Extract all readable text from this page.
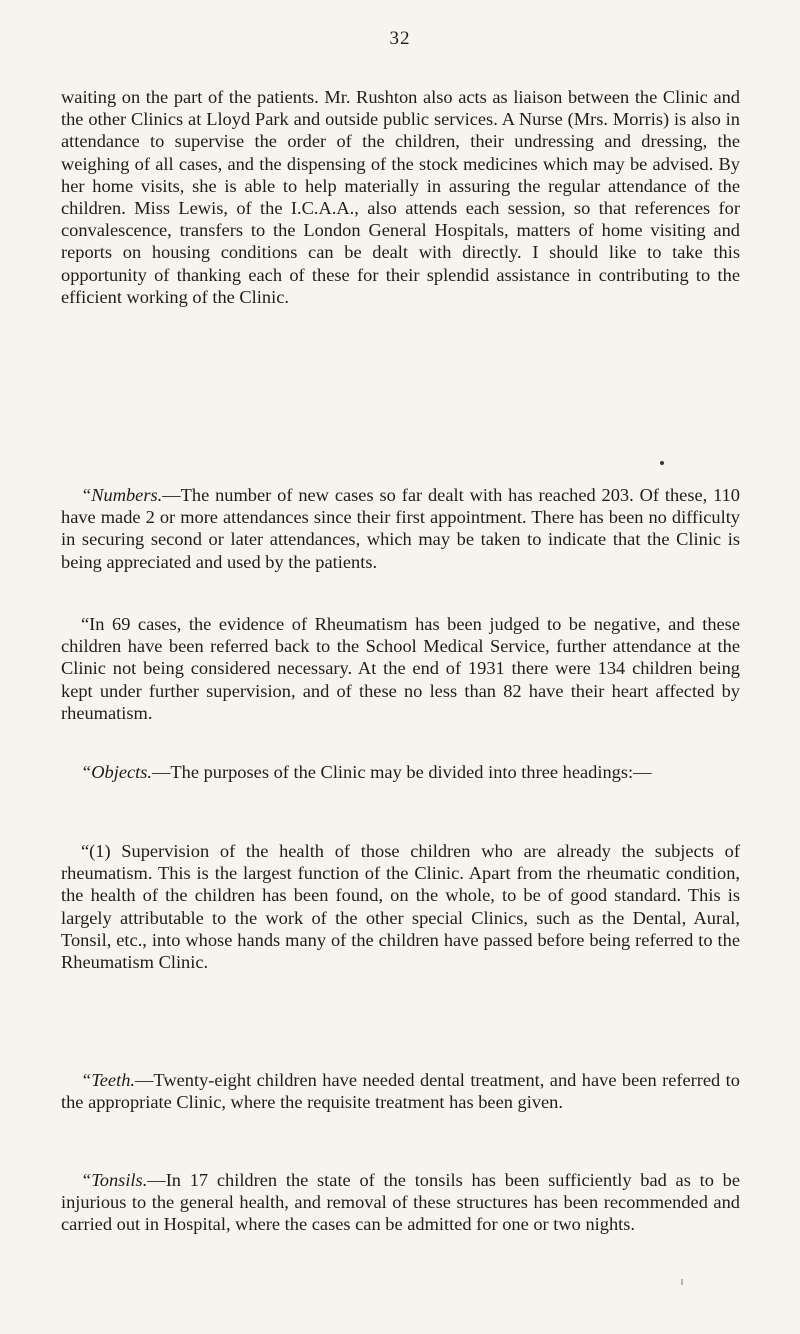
32

waiting on the part of the patients. Mr. Rushton also acts as liaison between the Clinic and the other Clinics at Lloyd Park and outside public services. A Nurse (Mrs. Morris) is also in attendance to supervise the order of the children, their undressing and dressing, the weighing of all cases, and the dispensing of the stock medicines which may be advised. By her home visits, she is able to help materially in assuring the regular attendance of the children. Miss Lewis, of the I.C.A.A., also attends each session, so that references for convalescence, transfers to the London General Hospitals, matters of home visiting and reports on housing conditions can be dealt with directly. I should like to take this opportunity of thanking each of these for their splendid assistance in contributing to the efficient working of the Clinic.

“Numbers.—The number of new cases so far dealt with has reached 203. Of these, 110 have made 2 or more attendances since their first appointment. There has been no difficulty in securing second or later attendances, which may be taken to indicate that the Clinic is being appreciated and used by the patients.

“In 69 cases, the evidence of Rheumatism has been judged to be negative, and these children have been referred back to the School Medical Service, further attendance at the Clinic not being considered necessary. At the end of 1931 there were 134 children being kept under further supervision, and of these no less than 82 have their heart affected by rheumatism.

“Objects.—The purposes of the Clinic may be divided into three headings:—

“(1) Supervision of the health of those children who are already the subjects of rheumatism. This is the largest function of the Clinic. Apart from the rheumatic condition, the health of the children has been found, on the whole, to be of good standard. This is largely attributable to the work of the other special Clinics, such as the Dental, Aural, Tonsil, etc., into whose hands many of the children have passed before being referred to the Rheumatism Clinic.

“Teeth.—Twenty-eight children have needed dental treatment, and have been referred to the appropriate Clinic, where the requisite treatment has been given.

“Tonsils.—In 17 children the state of the tonsils has been sufficiently bad as to be injurious to the general health, and removal of these structures has been recommended and carried out in Hospital, where the cases can be admitted for one or two nights.
